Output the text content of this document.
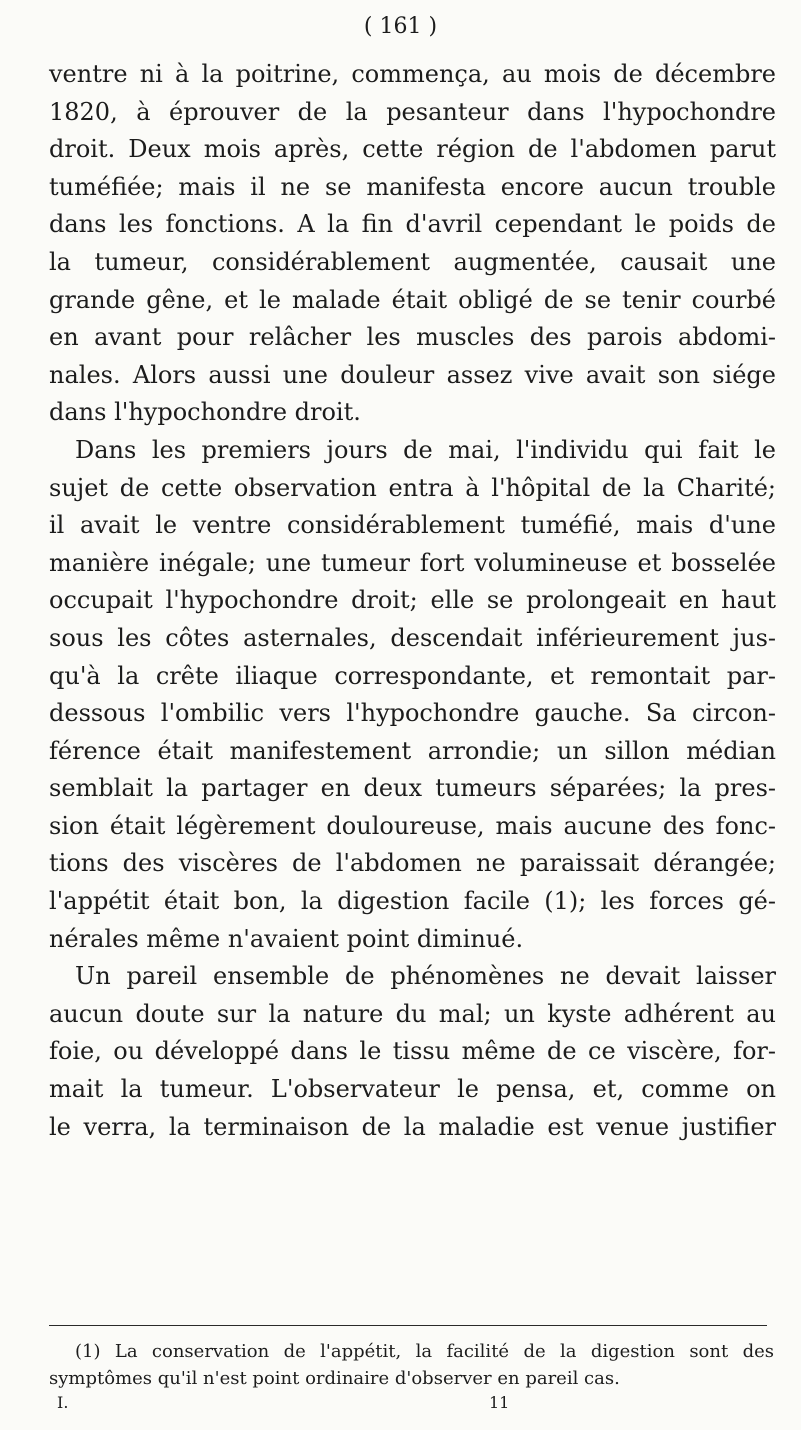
( 161 )
ventre ni à la poitrine, commença, au mois de décembre
1820, à éprouver de la pesanteur dans l'hypochondre
droit. Deux mois après, cette région de l'abdomen parut
tuméfiée; mais il ne se manifesta encore aucun trouble
dans les fonctions. A la fin d'avril cependant le poids de
la tumeur, considérablement augmentée, causait une
grande gêne, et le malade était obligé de se tenir courbé
en avant pour relâcher les muscles des parois abdomi-
nales. Alors aussi une douleur assez vive avait son siége
dans l'hypochondre droit.
Dans les premiers jours de mai, l'individu qui fait le
sujet de cette observation entra à l'hôpital de la Charité;
il avait le ventre considérablement tuméfié, mais d'une
manière inégale; une tumeur fort volumineuse et bosselée
occupait l'hypochondre droit; elle se prolongeait en haut
sous les côtes asternales, descendait inférieurement jus-
qu'à la crête iliaque correspondante, et remontait par-
dessous l'ombilic vers l'hypochondre gauche. Sa circon-
férence était manifestement arrondie; un sillon médian
semblait la partager en deux tumeurs séparées; la pres-
sion était légèrement douloureuse, mais aucune des fonc-
tions des viscères de l'abdomen ne paraissait dérangée;
l'appétit était bon, la digestion facile (1); les forces gé-
nérales même n'avaient point diminué.
Un pareil ensemble de phénomènes ne devait laisser
aucun doute sur la nature du mal; un kyste adhérent au
foie, ou développé dans le tissu même de ce viscère, for-
mait la tumeur. L'observateur le pensa, et, comme on
le verra, la terminaison de la maladie est venue justifier
(1) La conservation de l'appétit, la facilité de la digestion sont des
symptômes qu'il n'est point ordinaire d'observer en pareil cas.
I.	11
